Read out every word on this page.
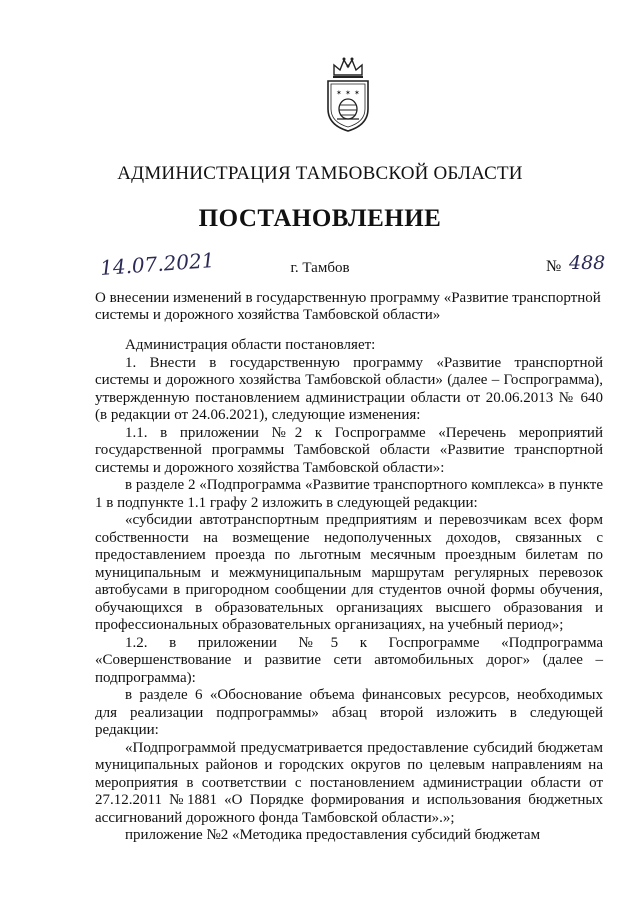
✶ ✶ ✶
АДМИНИСТРАЦИЯ ТАМБОВСКОЙ ОБЛАСТИ
ПОСТАНОВЛЕНИЕ
14.07.2021	г. Тамбов	№ 488
О внесении изменений в государственную программу «Развитие транспортной системы и дорожного хозяйства Тамбовской области»

Администрация области постановляет:

1. Внести в государственную программу «Развитие транспортной системы и дорожного хозяйства Тамбовской области» (далее – Госпрограмма), утвержденную постановлением администрации области от 20.06.2013 № 640 (в редакции от 24.06.2021), следующие изменения:

1.1. в приложении №2 к Госпрограмме «Перечень мероприятий государственной программы Тамбовской области «Развитие транспортной системы и дорожного хозяйства Тамбовской области»:

в разделе 2 «Подпрограмма «Развитие транспортного комплекса» в пункте 1 в подпункте 1.1 графу 2 изложить в следующей редакции:

«субсидии автотранспортным предприятиям и перевозчикам всех форм собственности на возмещение недополученных доходов, связанных с предоставлением проезда по льготным месячным проездным билетам по муниципальным и межмуниципальным маршрутам регулярных перевозок автобусами в пригородном сообщении для студентов очной формы обучения, обучающихся в образовательных организациях высшего образования и профессиональных образовательных организациях, на учебный период»;

1.2. в приложении №5 к Госпрограмме «Подпрограмма «Совершенствование и развитие сети автомобильных дорог» (далее – подпрограмма):

в разделе 6 «Обоснование объема финансовых ресурсов, необходимых для реализации подпрограммы» абзац второй изложить в следующей редакции:

«Подпрограммой предусматривается предоставление субсидий бюджетам муниципальных районов и городских округов по целевым направлениям на мероприятия в соответствии с постановлением администрации области от 27.12.2011 №1881 «О Порядке формирования и использования бюджетных ассигнований дорожного фонда Тамбовской области».»;

приложение №2 «Методика предоставления субсидий бюджетам
